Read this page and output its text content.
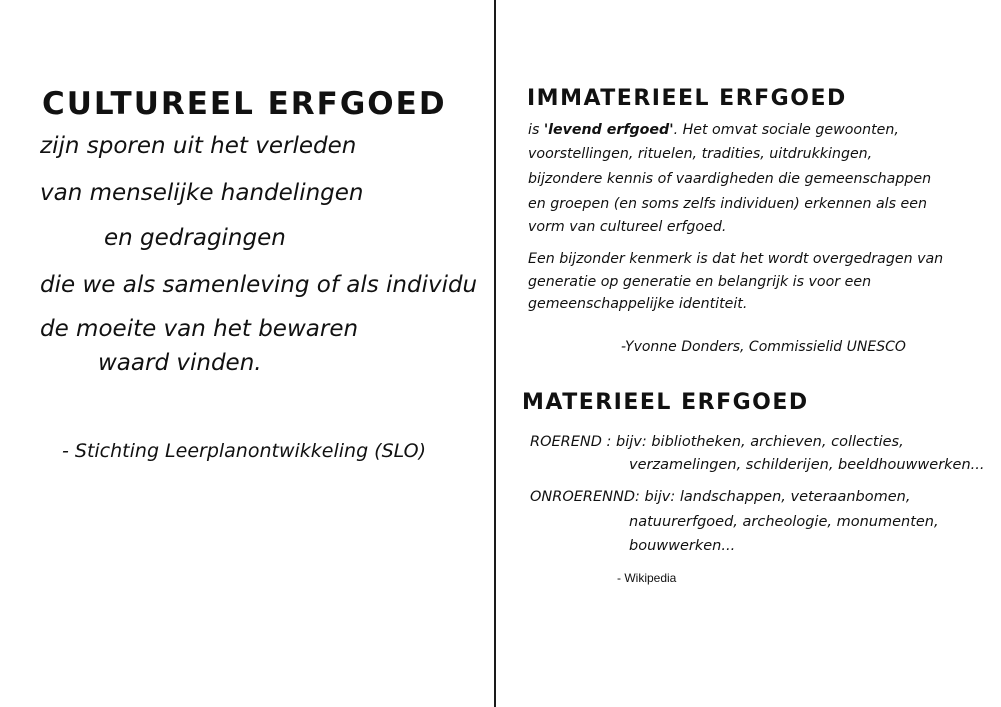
CULTUREEL ERFGOED
zijn sporen uit het verleden
van menselijke handelingen
en gedragingen
die we als samenleving of als individu
de moeite van het bewaren
waard vinden.
- Stichting Leerplanontwikkeling (SLO)
IMMATERIEEL ERFGOED
is 'levend erfgoed'. Het omvat sociale gewoonten,
voorstellingen, rituelen, tradities, uitdrukkingen,
bijzondere kennis of vaardigheden die gemeenschappen
en groepen (en soms zelfs individuen) erkennen als een
vorm van cultureel erfgoed.
Een bijzonder kenmerk is dat het wordt overgedragen van
generatie op generatie en belangrijk is voor een
gemeenschappelijke identiteit.
-Yvonne Donders, Commissielid UNESCO
MATERIEEL ERFGOED
ROEREND : bijv: bibliotheken, archieven, collecties,
verzamelingen, schilderijen, beeldhouwwerken...
ONROERENND: bijv: landschappen, veteraanbomen,
natuurerfgoed, archeologie, monumenten,
bouwwerken...
- Wikipedia
